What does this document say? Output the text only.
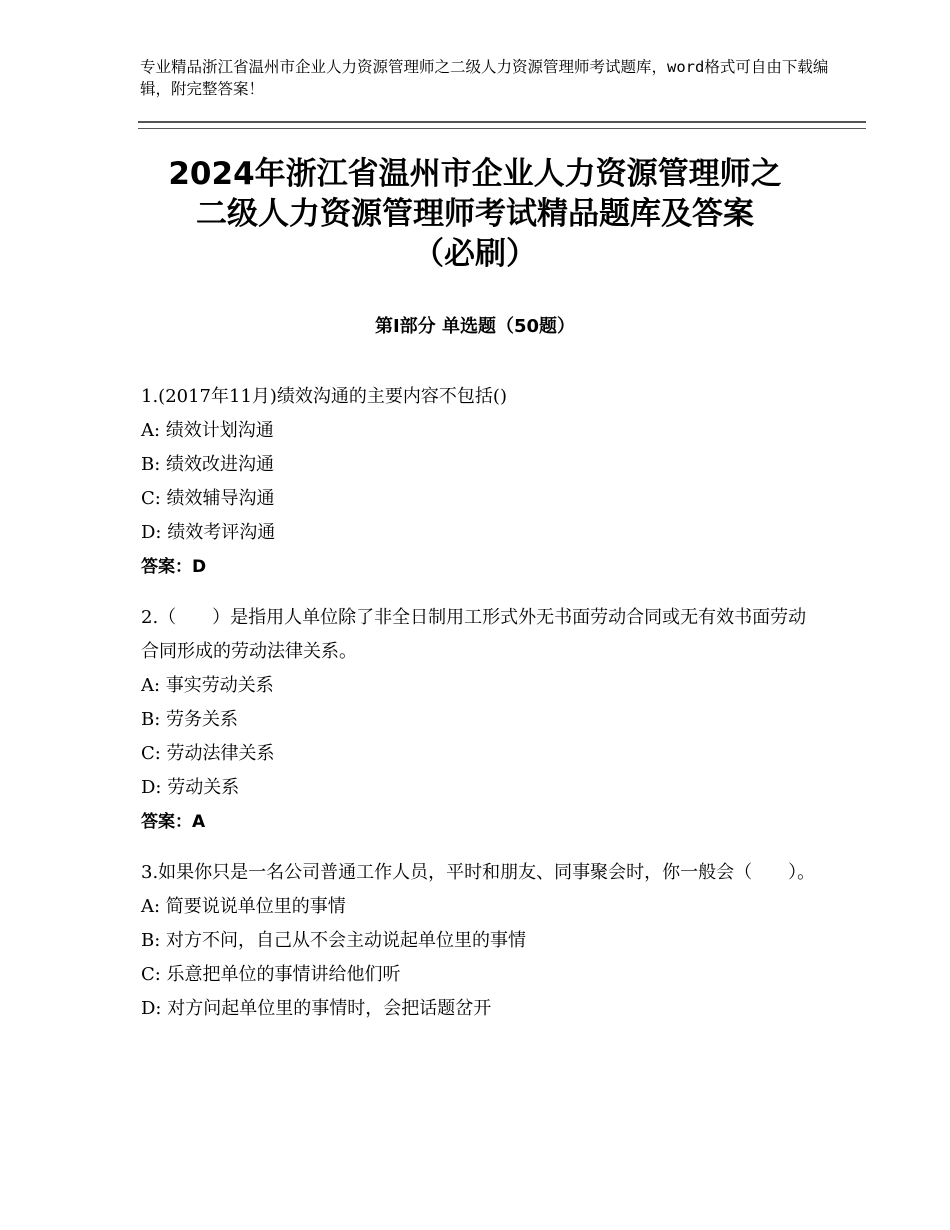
专业精品浙江省温州市企业人力资源管理师之二级人力资源管理师考试题库，word格式可自由下载编辑，附完整答案！
2024年浙江省温州市企业人力资源管理师之
二级人力资源管理师考试精品题库及答案
（必刷）
第Ⅰ部分 单选题（50题）
1.(2017年11月)绩效沟通的主要内容不包括()
A: 绩效计划沟通
B: 绩效改进沟通
C: 绩效辅导沟通
D: 绩效考评沟通
答案：D
2.（　　）是指用人单位除了非全日制用工形式外无书面劳动合同或无有效书面劳动合同形成的劳动法律关系。
A: 事实劳动关系
B: 劳务关系
C: 劳动法律关系
D: 劳动关系
答案：A
3.如果你只是一名公司普通工作人员，平时和朋友、同事聚会时，你一般会（　　）。
A: 简要说说单位里的事情
B: 对方不问，自己从不会主动说起单位里的事情
C: 乐意把单位的事情讲给他们听
D: 对方问起单位里的事情时，会把话题岔开
